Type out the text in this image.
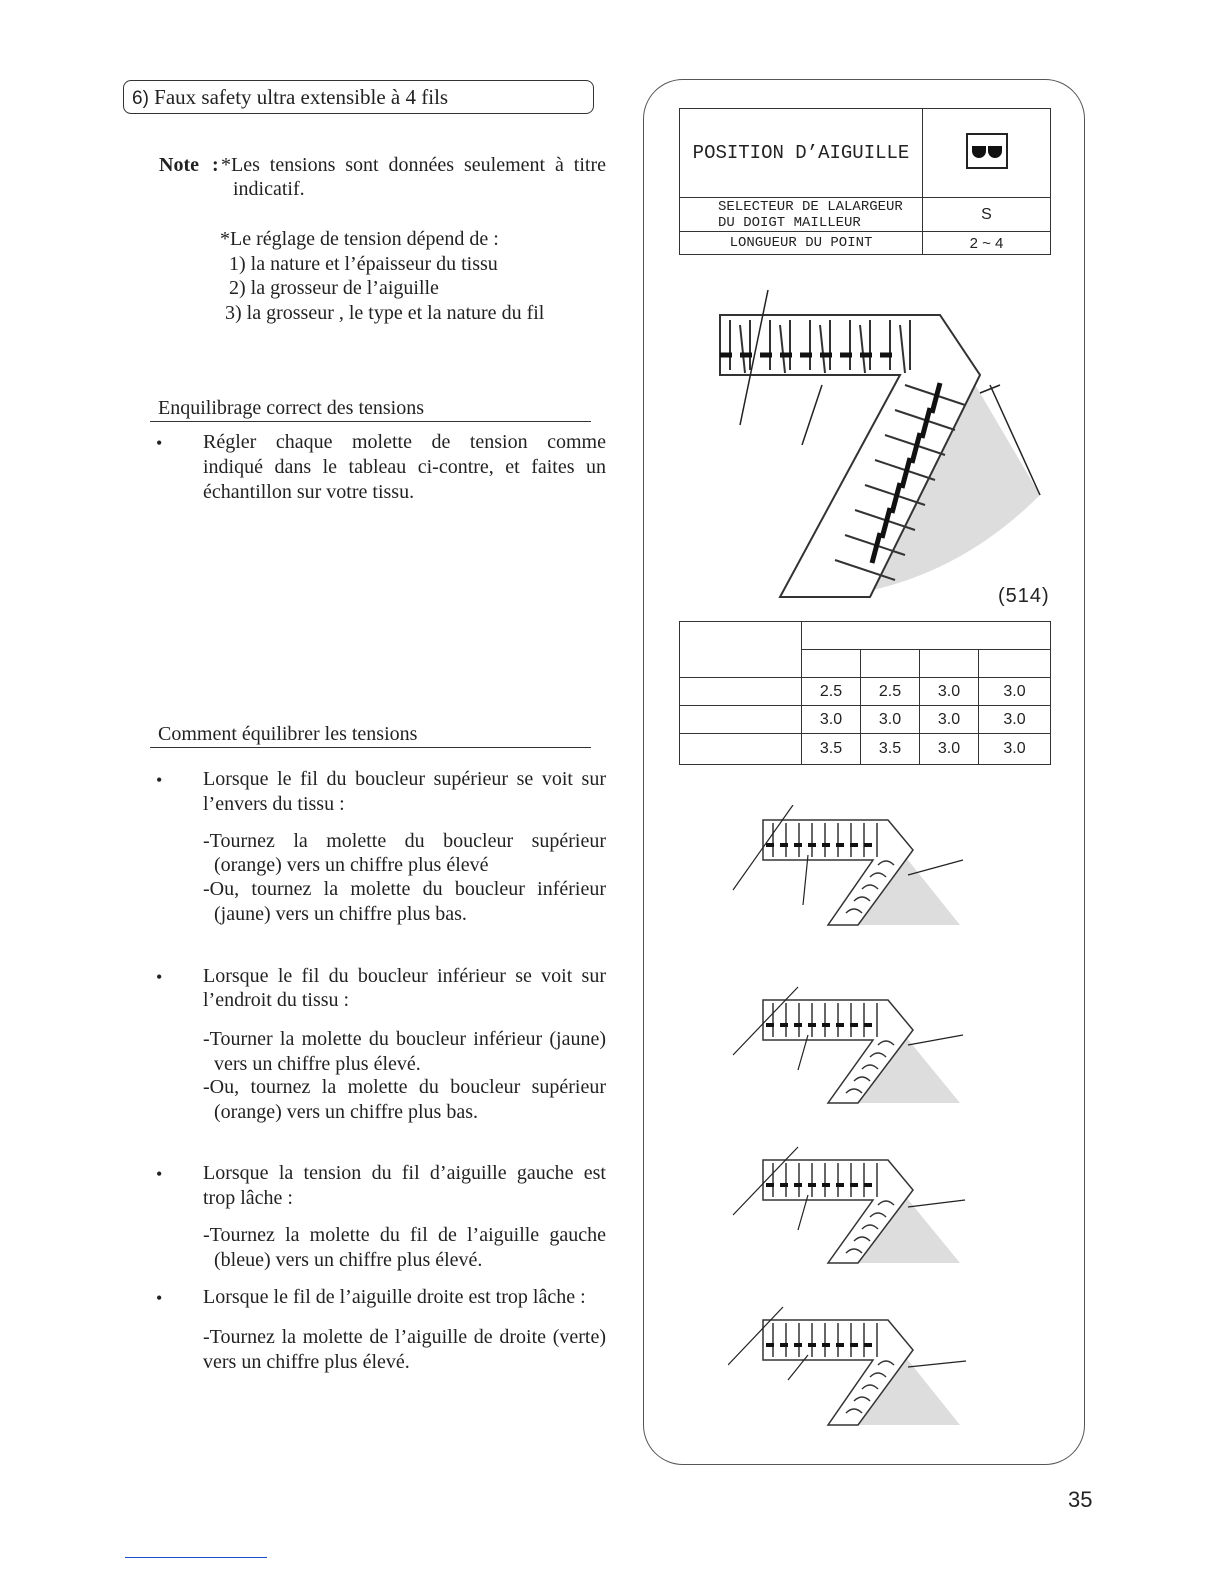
6) Faux safety ultra extensible à 4 fils
Note : *Les tensions sont données seulement à titre
indicatif.
*Le réglage de tension dépend de :
1) la nature et l’épaisseur du tissu
2) la grosseur de l’aiguille
3) la grosseur , le type et la nature du fil
Enquilibrage correct des tensions
• Régler chaque molette de tension comme
indiqué dans le tableau ci-contre, et faites un
échantillon sur votre tissu.
Comment équilibrer les tensions
• Lorsque le fil du boucleur supérieur se voit sur
l’envers du tissu :
-Tournez la molette du boucleur supérieur
(orange) vers un chiffre plus élevé
-Ou, tournez la molette du boucleur inférieur
(jaune) vers un chiffre plus bas.
• Lorsque le fil du boucleur inférieur se voit sur
l’endroit du tissu :
-Tourner la molette du boucleur inférieur (jaune)
vers un chiffre plus élevé.
-Ou, tournez la molette du boucleur supérieur
(orange) vers un chiffre plus bas.
• Lorsque la tension du fil d’aiguille gauche est
trop lâche :
-Tournez la molette du fil de l’aiguille gauche
(bleue) vers un chiffre plus élevé.
• Lorsque le fil de l’aiguille droite est trop lâche :
-Tournez la molette de l’aiguille de droite (verte)
vers un chiffre plus élevé.
POSITION D’AIGUILLE	

SELECTEUR DE LALARGEUR
DU DOIGT MAILLEUR	S
LONGUEUR DU POINT	2 ~ 4
(514)

	2.5	2.5	3.0	3.0
	3.0	3.0	3.0	3.0
	3.5	3.5	3.0	3.0
35
